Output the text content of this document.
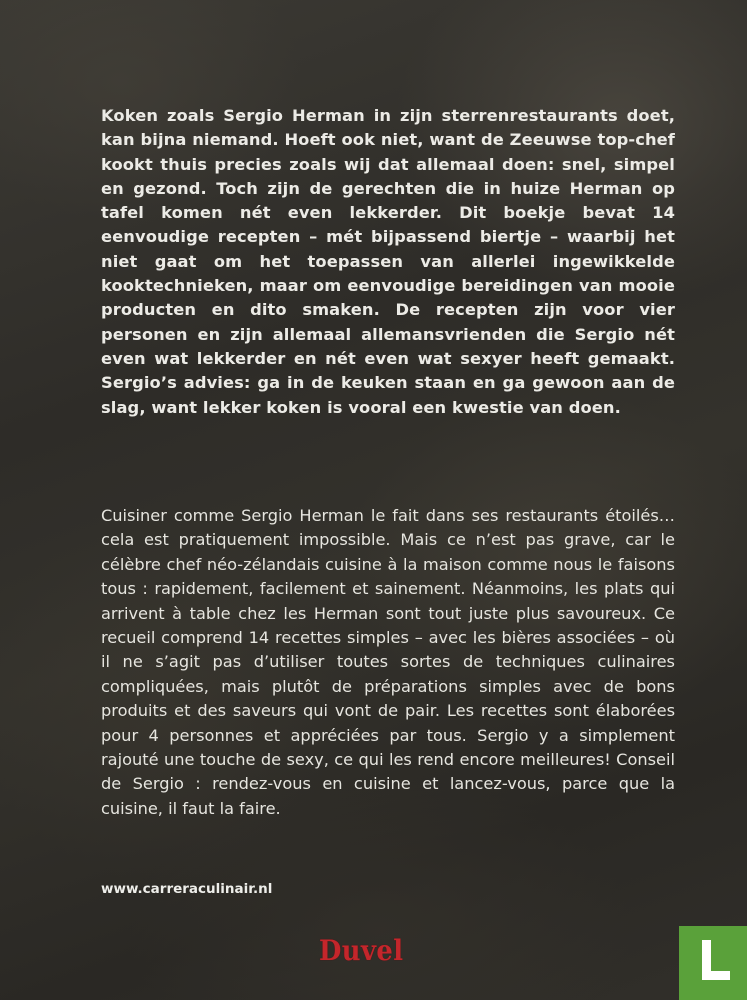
Koken zoals Sergio Herman in zijn sterrenrestaurants doet, kan bijna niemand. Hoeft ook niet, want de Zeeuwse top-chef kookt thuis precies zoals wij dat allemaal doen: snel, simpel en gezond. Toch zijn de gerechten die in huize Herman op tafel komen nét even lekkerder. Dit boekje bevat 14 eenvoudige recepten – mét bijpassend biertje – waarbij het niet gaat om het toepassen van allerlei ingewikkelde kooktechnieken, maar om eenvoudige bereidingen van mooie producten en dito smaken. De recepten zijn voor vier personen en zijn allemaal allemansvrienden die Sergio nét even wat lekkerder en nét even wat sexyer heeft gemaakt. Sergio’s advies: ga in de keuken staan en ga gewoon aan de slag, want lekker koken is vooral een kwestie van doen.

Cuisiner comme Sergio Herman le fait dans ses restaurants étoilés…cela est pratiquement impossible. Mais ce n’est pas grave, car le célèbre chef néo-zélandais cuisine à la maison comme nous le faisons tous : rapidement, facilement et sainement. Néanmoins, les plats qui arrivent à table chez les Herman sont tout juste plus savoureux. Ce recueil comprend 14 recettes simples – avec les bières associées – où il ne s’agit pas d’utiliser toutes sortes de techniques culinaires compliquées, mais plutôt de préparations simples avec de bons produits et des saveurs qui vont de pair. Les recettes sont élaborées pour 4 personnes et appréciées par tous. Sergio y a simplement rajouté une touche de sexy, ce qui les rend encore meilleures! Conseil de Sergio : rendez-vous en cuisine et lancez-vous, parce que la cuisine, il faut la faire.

www.carreraculinair.nl
Duvel
